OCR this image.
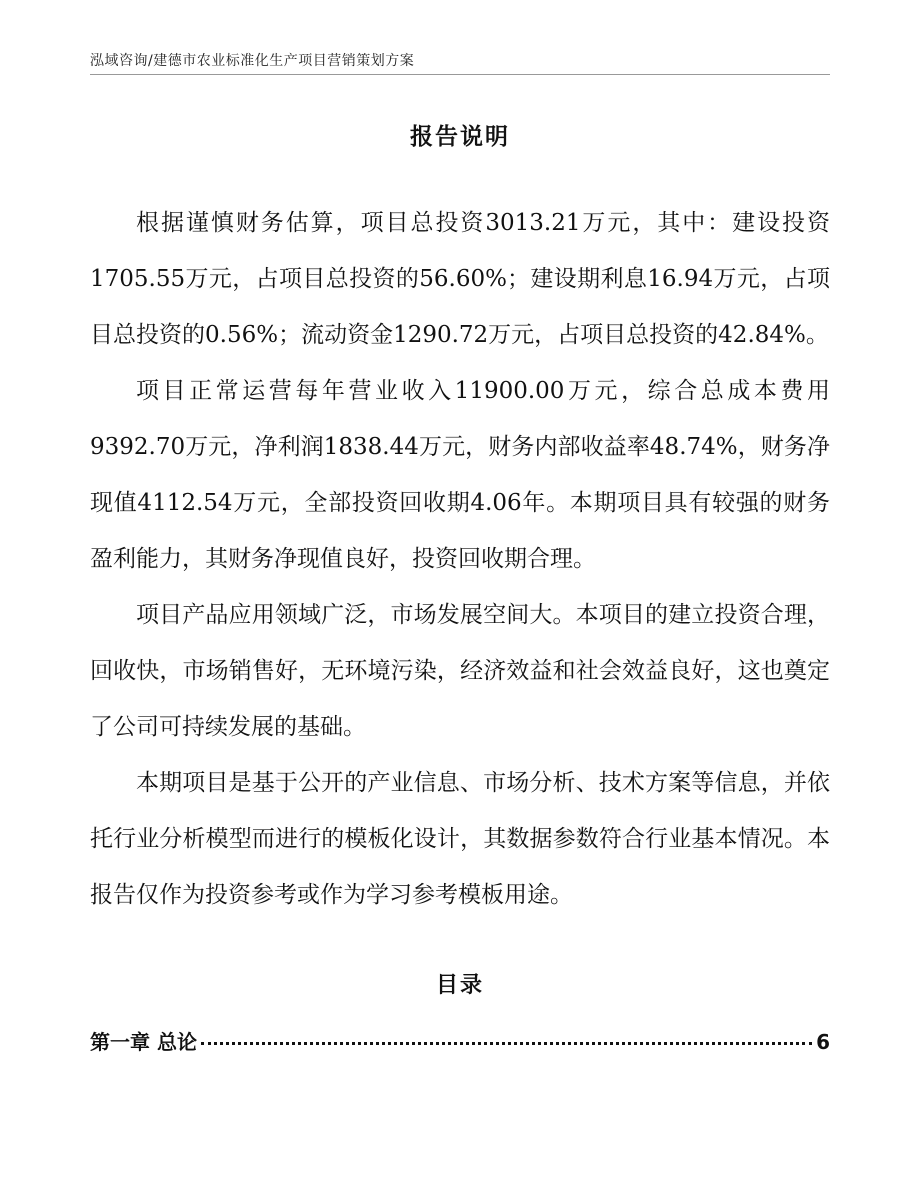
泓域咨询/建德市农业标准化生产项目营销策划方案
报告说明

根据谨慎财务估算，项目总投资3013.21万元，其中：建设投资1705.55万元，占项目总投资的56.60%；建设期利息16.94万元，占项目总投资的0.56%；流动资金1290.72万元，占项目总投资的42.84%。

项目正常运营每年营业收入11900.00万元，综合总成本费用9392.70万元，净利润1838.44万元，财务内部收益率48.74%，财务净现值4112.54万元，全部投资回收期4.06年。本期项目具有较强的财务盈利能力，其财务净现值良好，投资回收期合理。

项目产品应用领域广泛，市场发展空间大。本项目的建立投资合理，回收快，市场销售好，无环境污染，经济效益和社会效益良好，这也奠定了公司可持续发展的基础。

本期项目是基于公开的产业信息、市场分析、技术方案等信息，并依托行业分析模型而进行的模板化设计，其数据参数符合行业基本情况。本报告仅作为投资参考或作为学习参考模板用途。

目录
第一章 总论	6
